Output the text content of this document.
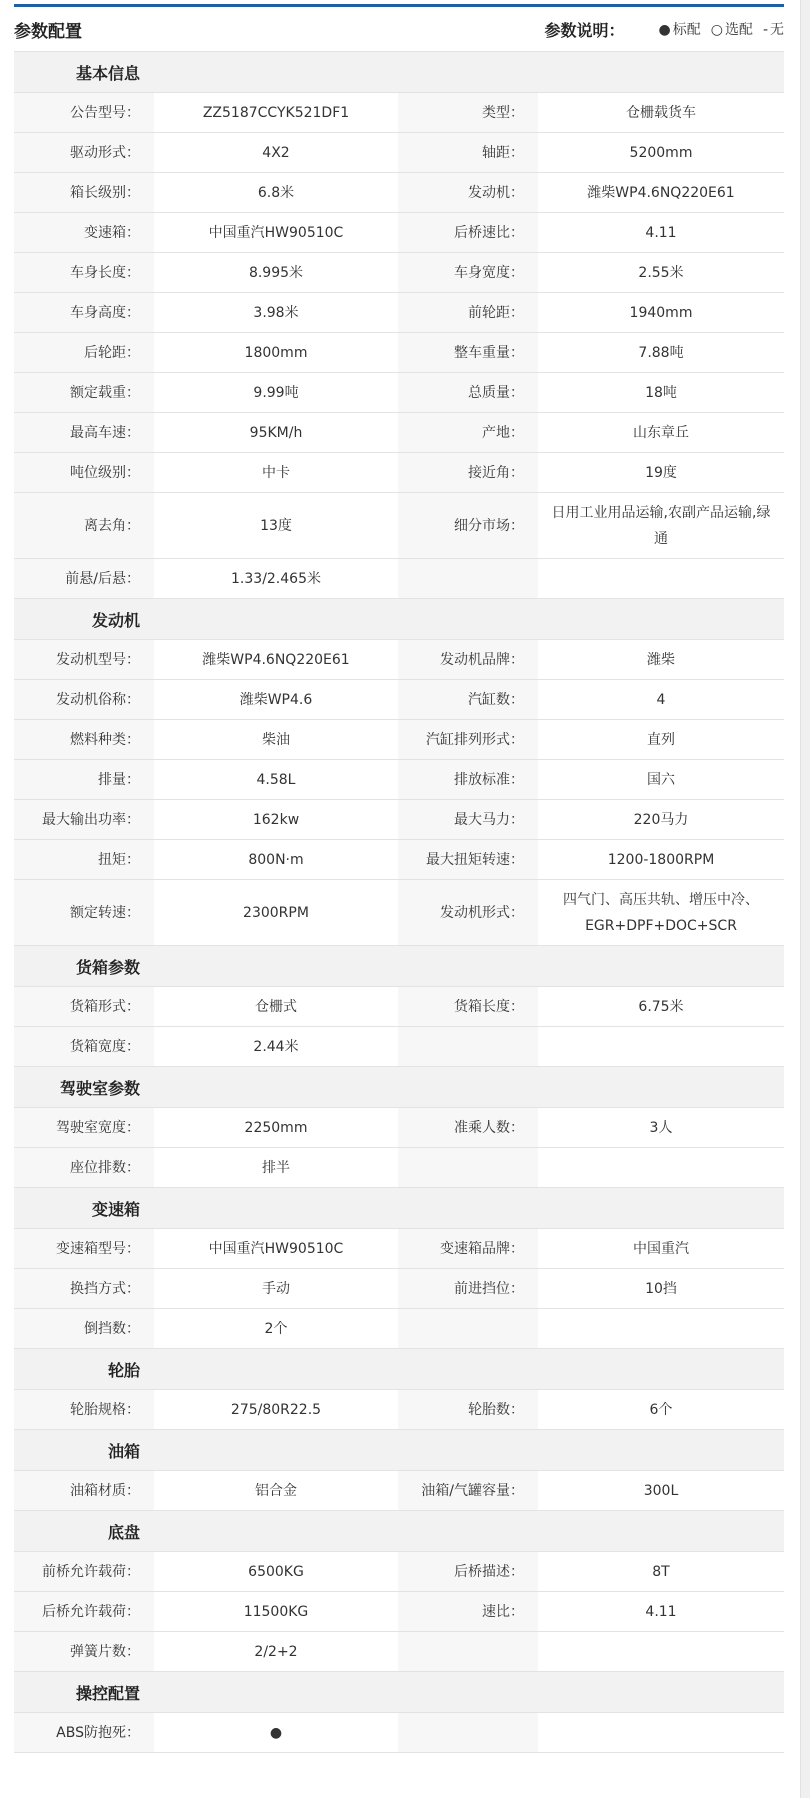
参数配置	参数说明： ● 标配 ○ 选配 - 无
基本信息			
公告型号：	ZZ5187CCYK521DF1	类型：	仓栅载货车
驱动形式：	4X2	轴距：	5200mm
箱长级别：	6.8米	发动机：	潍柴WP4.6NQ220E61
变速箱：	中国重汽HW90510C	后桥速比：	4.11
车身长度：	8.995米	车身宽度：	2.55米
车身高度：	3.98米	前轮距：	1940mm
后轮距：	1800mm	整车重量：	7.88吨
额定载重：	9.99吨	总质量：	18吨
最高车速：	95KM/h	产地：	山东章丘
吨位级别：	中卡	接近角：	19度
离去角：	13度	细分市场：	日用工业用品运输,农副产品运输,绿通
前悬/后悬：	1.33/2.465米		
发动机			
发动机型号：	潍柴WP4.6NQ220E61	发动机品牌：	潍柴
发动机俗称：	潍柴WP4.6	汽缸数：	4
燃料种类：	柴油	汽缸排列形式：	直列
排量：	4.58L	排放标准：	国六
最大输出功率：	162kw	最大马力：	220马力
扭矩：	800N·m	最大扭矩转速：	1200-1800RPM
额定转速：	2300RPM	发动机形式：	四气门、高压共轨、增压中冷、EGR+DPF+DOC+SCR
货箱参数			
货箱形式：	仓栅式	货箱长度：	6.75米
货箱宽度：	2.44米		
驾驶室参数			
驾驶室宽度：	2250mm	准乘人数：	3人
座位排数：	排半		
变速箱			
变速箱型号：	中国重汽HW90510C	变速箱品牌：	中国重汽
换挡方式：	手动	前进挡位：	10挡
倒挡数：	2个		
轮胎			
轮胎规格：	275/80R22.5	轮胎数：	6个
油箱			
油箱材质：	铝合金	油箱/气罐容量：	300L
底盘			
前桥允许载荷：	6500KG	后桥描述：	8T
后桥允许载荷：	11500KG	速比：	4.11
弹簧片数：	2/2+2		
操控配置			
ABS防抱死：	●		
